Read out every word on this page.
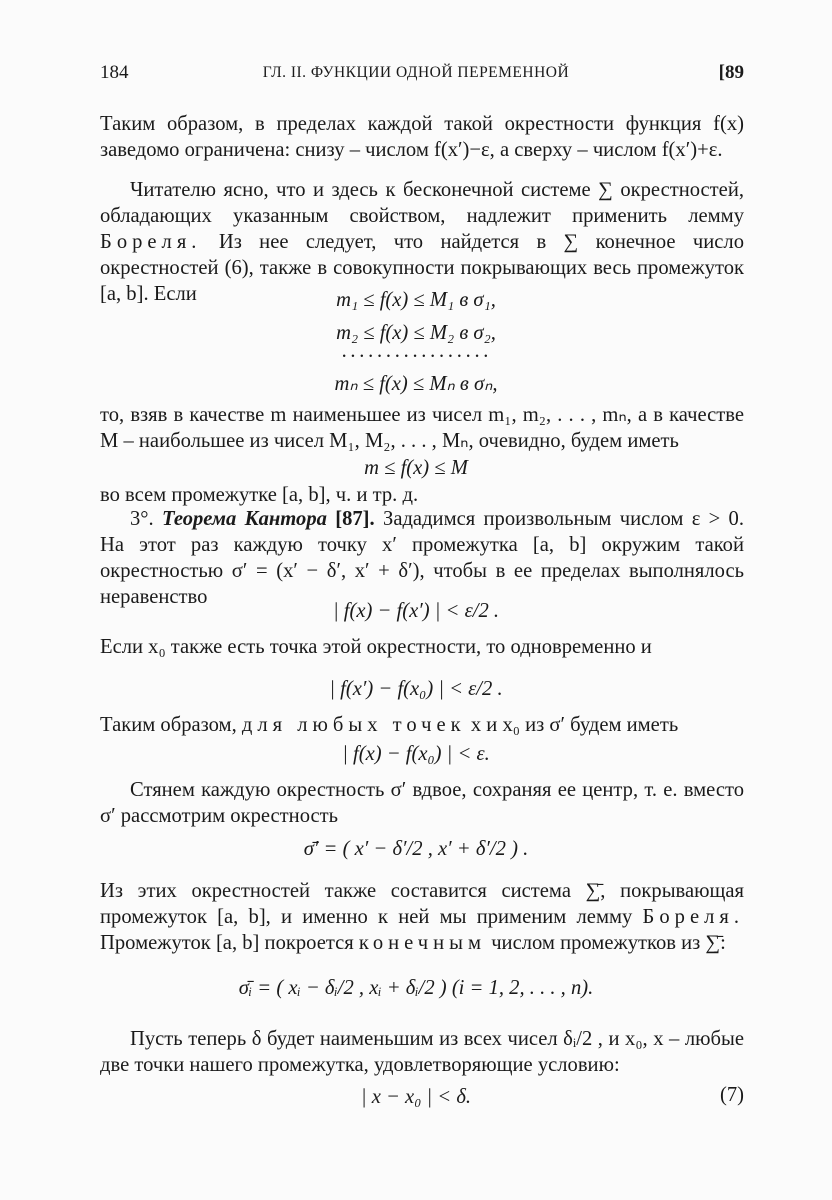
184	ГЛ. II. ФУНКЦИИ ОДНОЙ ПЕРЕМЕННОЙ	[89
Таким образом, в пределах каждой такой окрестности функция f(x) заведомо ограничена: снизу – числом f(x′)−ε, а сверху – числом f(x′)+ε.
Читателю ясно, что и здесь к бесконечной системе ∑ окрестностей, обладающих указанным свойством, надлежит применить лемму Бореля. Из нее следует, что найдется в ∑ конечное число окрестностей (6), также в совокупности покрывающих весь промежуток [a, b]. Если	m₁ ≤ f(x) ≤ M₁ в σ₁,
m₂ ≤ f(x) ≤ M₂ в σ₂,
·················
mₙ ≤ f(x) ≤ Mₙ в σₙ,
то, взяв в качестве m наименьшее из чисел m₁, m₂, . . . , mₙ, а в качестве M – наибольшее из чисел M₁, M₂, . . . , Mₙ, очевидно, будем иметь
m ≤ f(x) ≤ M
во всем промежутке [a, b], ч. и тр. д.
3°. Теорема Кантора [87]. Зададимся произвольным числом ε > 0. На этот раз каждую точку x′ промежутка [a, b] окружим такой окрестностью σ′ = (x′ − δ′, x′ + δ′), чтобы в ее пределах выполнялось неравенство
| f(x) − f(x′) | < ε/2 .
Если x₀ также есть точка этой окрестности, то одновременно и
| f(x′) − f(x₀) | < ε/2 .
Таким образом, для любых точек x и x₀ из σ′ будем иметь
| f(x) − f(x₀) | < ε.
Стянем каждую окрестность σ′ вдвое, сохраняя ее центр, т. е. вместо σ′ рассмотрим окрестность
σ̄′ = ( x′ − δ′/2 , x′ + δ′/2 ) .
Из этих окрестностей также составится система ∑̄, покрывающая промежуток [a, b], и именно к ней мы применим лемму Бореля. Промежуток [a, b] покроется конечным числом промежутков из ∑̄:
σ̄ᵢ = ( xᵢ − δᵢ/2 , xᵢ + δᵢ/2 ) (i = 1, 2, . . . , n).
Пусть теперь δ будет наименьшим из всех чисел δᵢ/2 , и x₀, x – любые две точки нашего промежутка, удовлетворяющие условию:
| x − x₀ | < δ.	(7)
